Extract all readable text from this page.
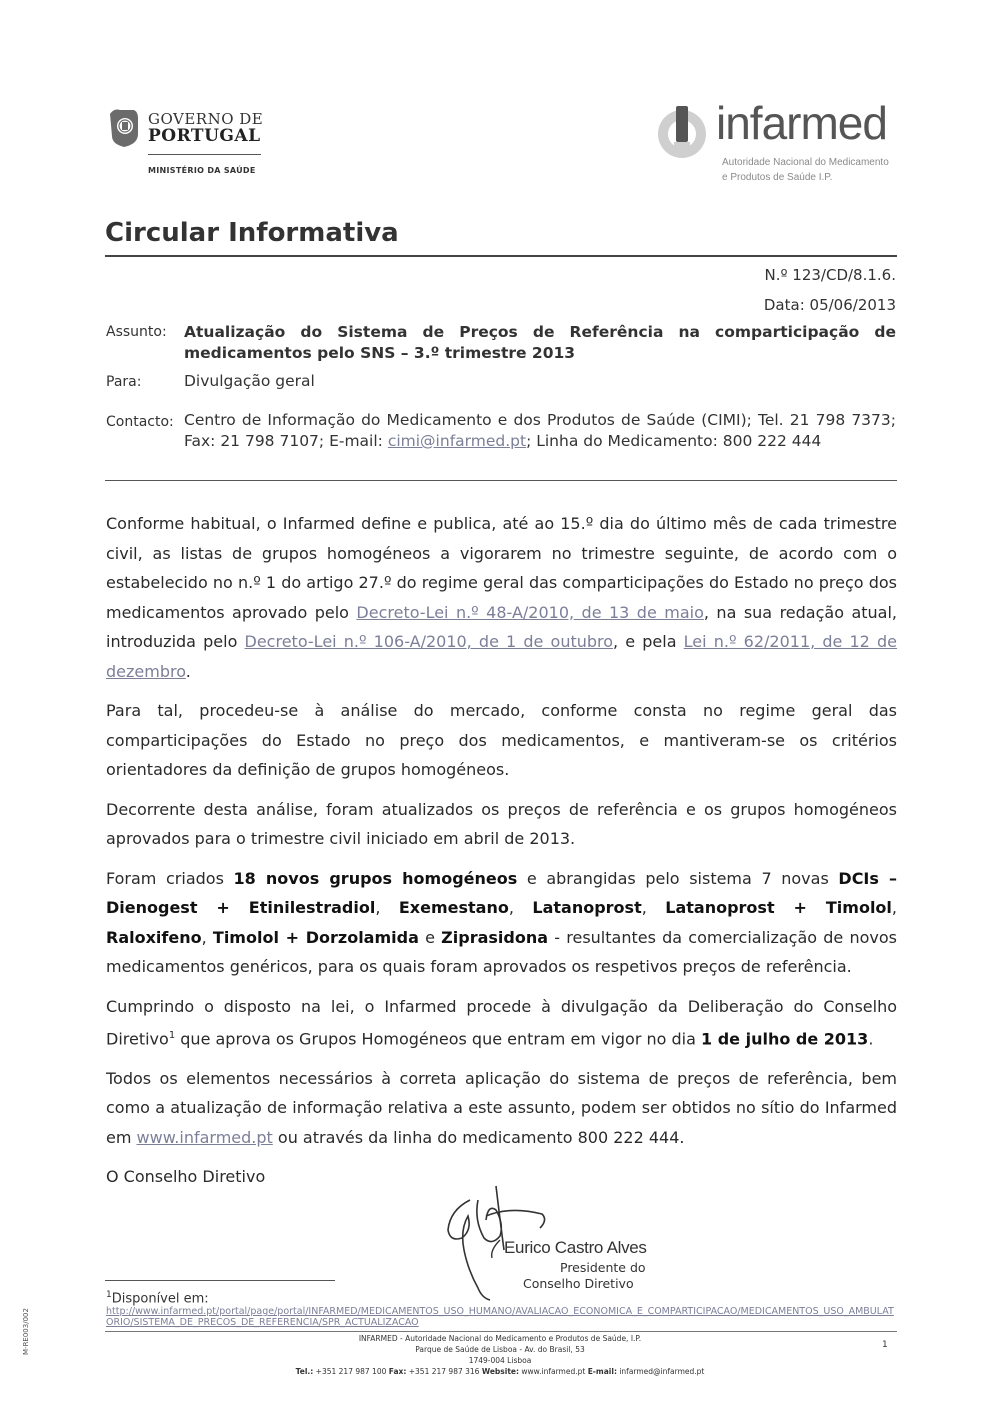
GOVERNO DE
PORTUGAL
MINISTÉRIO DA SAÚDE
infarmed
Autoridade Nacional do Medicamento
e Produtos de Saúde I.P.
Circular Informativa
N.º 123/CD/8.1.6.
Data: 05/06/2013
Assunto: Atualização do Sistema de Preços de Referência na comparticipação de
medicamentos pelo SNS – 3.º trimestre 2013
Para:	Divulgação geral
Contacto: Centro de Informação do Medicamento e dos Produtos de Saúde (CIMI); Tel. 21 798 7373; Fax: 21 798 7107; E-mail: cimi@infarmed.pt; Linha do Medicamento: 800 222 444

Conforme habitual, o Infarmed define e publica, até ao 15.º dia do último mês de cada trimestre civil, as listas de grupos homogéneos a vigorarem no trimestre seguinte, de acordo com o estabelecido no n.º 1 do artigo 27.º do regime geral das comparticipações do Estado no preço dos medicamentos aprovado pelo Decreto-Lei n.º 48-A/2010, de 13 de maio, na sua redação atual, introduzida pelo Decreto-Lei n.º 106-A/2010, de 1 de outubro, e pela Lei n.º 62/2011, de 12 de dezembro.

Para tal, procedeu-se à análise do mercado, conforme consta no regime geral das comparticipações do Estado no preço dos medicamentos, e mantiveram-se os critérios orientadores da definição de grupos homogéneos.

Decorrente desta análise, foram atualizados os preços de referência e os grupos homogéneos aprovados para o trimestre civil iniciado em abril de 2013.

Foram criados 18 novos grupos homogéneos e abrangidas pelo sistema 7 novas DCIs – Dienogest + Etinilestradiol, Exemestano, Latanoprost, Latanoprost + Timolol, Raloxifeno, Timolol + Dorzolamida e Ziprasidona - resultantes da comercialização de novos medicamentos genéricos, para os quais foram aprovados os respetivos preços de referência.

Cumprindo o disposto na lei, o Infarmed procede à divulgação da Deliberação do Conselho Diretivo$^1$ que aprova os Grupos Homogéneos que entram em vigor no dia 1 de julho de 2013.

Todos os elementos necessários à correta aplicação do sistema de preços de referência, bem como a atualização de informação relativa a este assunto, podem ser obtidos no sítio do Infarmed em www.infarmed.pt ou através da linha do medicamento 800 222 444.

O Conselho Diretivo

Eurico Castro Alves
Presidente do
Conselho Diretivo
$^1$Disponível em:
http://www.infarmed.pt/portal/page/portal/INFARMED/MEDICAMENTOS_USO_HUMANO/AVALIACAO_ECONOMICA_E_COMPARTICIPACAO/MEDICAMENTOS_USO_AMBULATORIO/SISTEMA_DE_PRECOS_DE_REFERENCIA/SPR_ACTUALIZACAO
INFARMED - Autoridade Nacional do Medicamento e Produtos de Saúde, I.P.
Parque de Saúde de Lisboa - Av. do Brasil, 53
1749-004 Lisboa
Tel.: +351 217 987 100 Fax: +351 217 987 316 Website: www.infarmed.pt E-mail: infarmed@infarmed.pt
1
M-RE003/002
